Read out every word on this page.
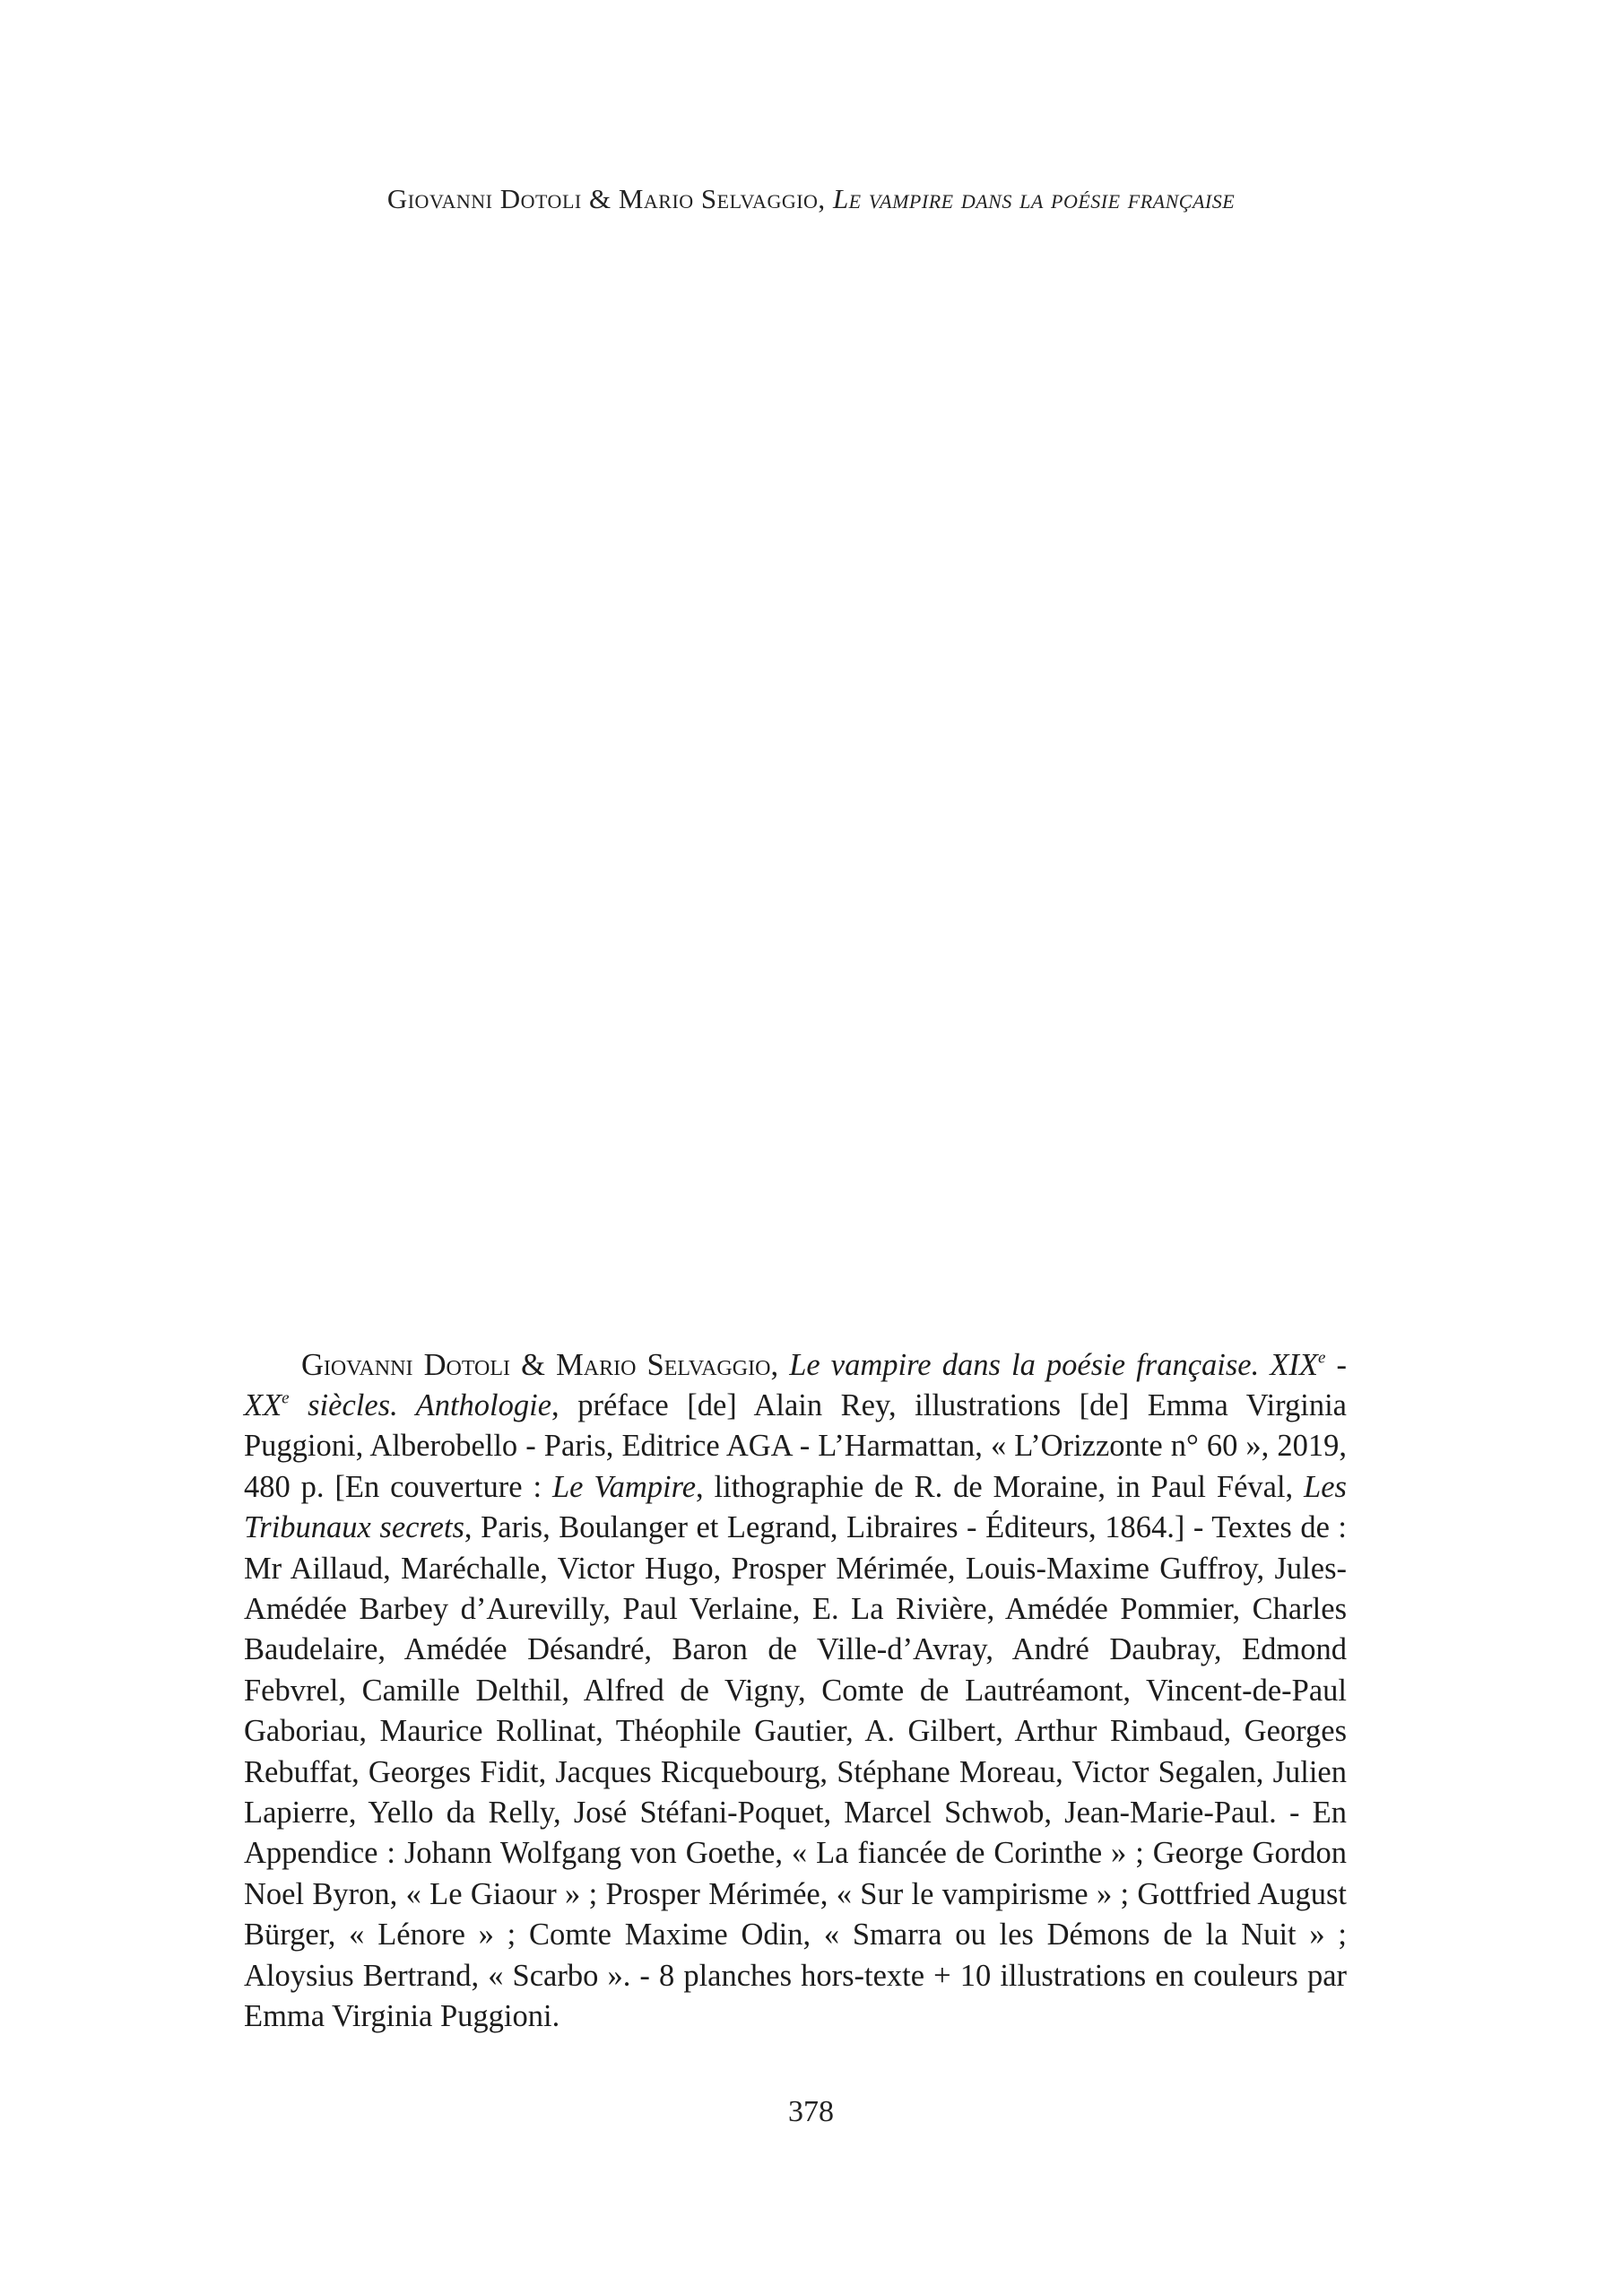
Giovanni Dotoli & Mario Selvaggio, Le vampire dans la poésie française

Giovanni Dotoli & Mario Selvaggio, Le vampire dans la poésie française. XIXe - XXe siècles. Anthologie, préface [de] Alain Rey, illustrations [de] Emma Virginia Puggioni, Alberobello - Paris, Editrice AGA - L’Harmattan, « L’Orizzonte n° 60 », 2019, 480 p. [En couverture : Le Vampire, lithographie de R. de Moraine, in Paul Féval, Les Tribunaux secrets, Paris, Boulanger et Legrand, Libraires - Éditeurs, 1864.] - Textes de : Mr Aillaud, Maréchalle, Victor Hugo, Prosper Mérimée, Louis-Maxime Guffroy, Jules-Amédée Barbey d’Aurevilly, Paul Verlaine, E. La Rivière, Amédée Pommier, Charles Baudelaire, Amédée Désandré, Baron de Ville-d’Avray, André Daubray, Edmond Febvrel, Camille Delthil, Alfred de Vigny, Comte de Lautréamont, Vincent-de-Paul Gaboriau, Maurice Rollinat, Théophile Gautier, A. Gilbert, Arthur Rimbaud, Georges Rebuffat, Georges Fidit, Jacques Ricquebourg, Stéphane Moreau, Victor Segalen, Julien Lapierre, Yello da Relly, José Stéfani-Poquet, Marcel Schwob, Jean-Marie-Paul. - En Appendice : Johann Wolfgang von Goethe, « La fiancée de Corinthe » ; George Gordon Noel Byron, « Le Giaour » ; Prosper Mérimée, « Sur le vampirisme » ; Gottfried August Bürger, « Lénore » ; Comte Maxime Odin, « Smarra ou les Démons de la Nuit » ; Aloysius Bertrand, « Scarbo ». - 8 planches hors-texte + 10 illustrations en couleurs par Emma Virginia Puggioni.

378
